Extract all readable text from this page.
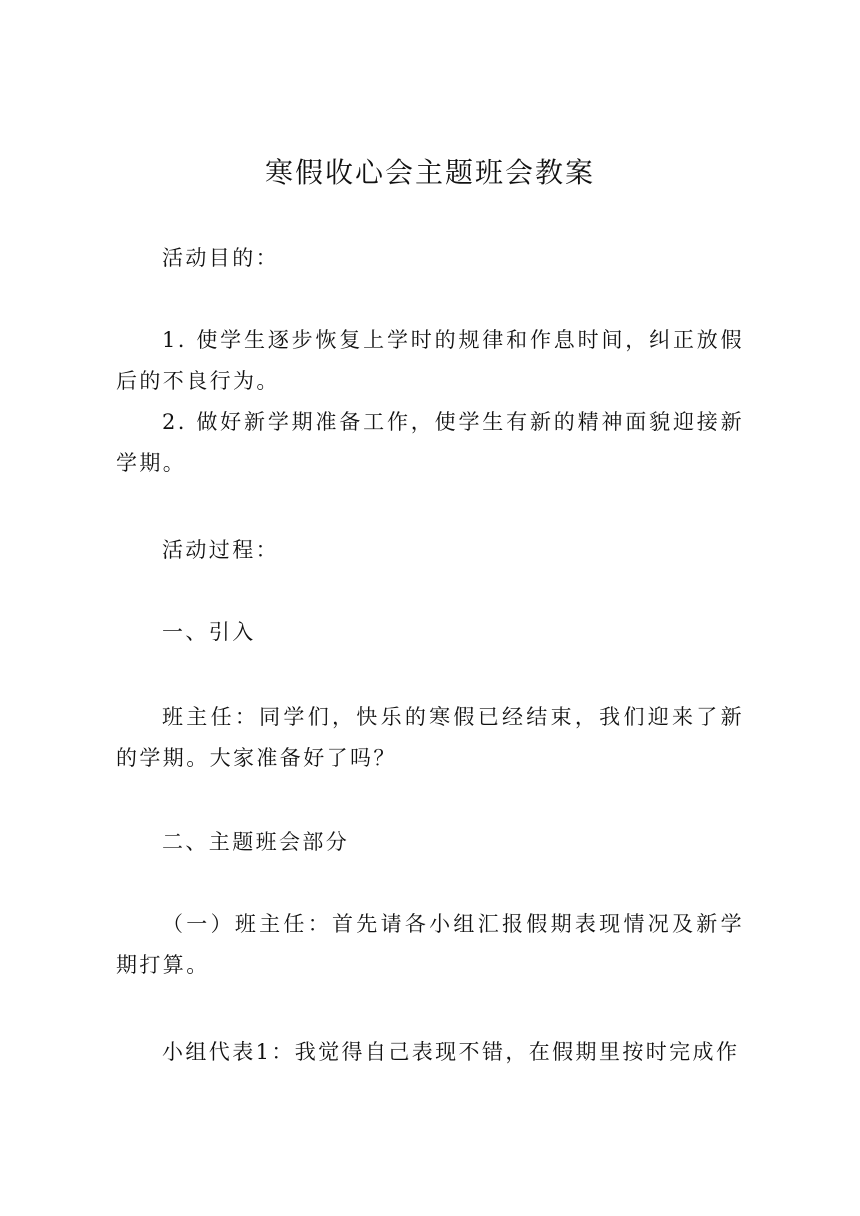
寒假收心会主题班会教案

活动目的：

1. 使学生逐步恢复上学时的规律和作息时间，纠正放假后的不良行为。

2. 做好新学期准备工作，使学生有新的精神面貌迎接新学期。

活动过程：

一、引入

班主任：同学们，快乐的寒假已经结束，我们迎来了新的学期。大家准备好了吗？

二、主题班会部分

（一）班主任：首先请各小组汇报假期表现情况及新学期打算。

小组代表1：我觉得自己表现不错，在假期里按时完成作
